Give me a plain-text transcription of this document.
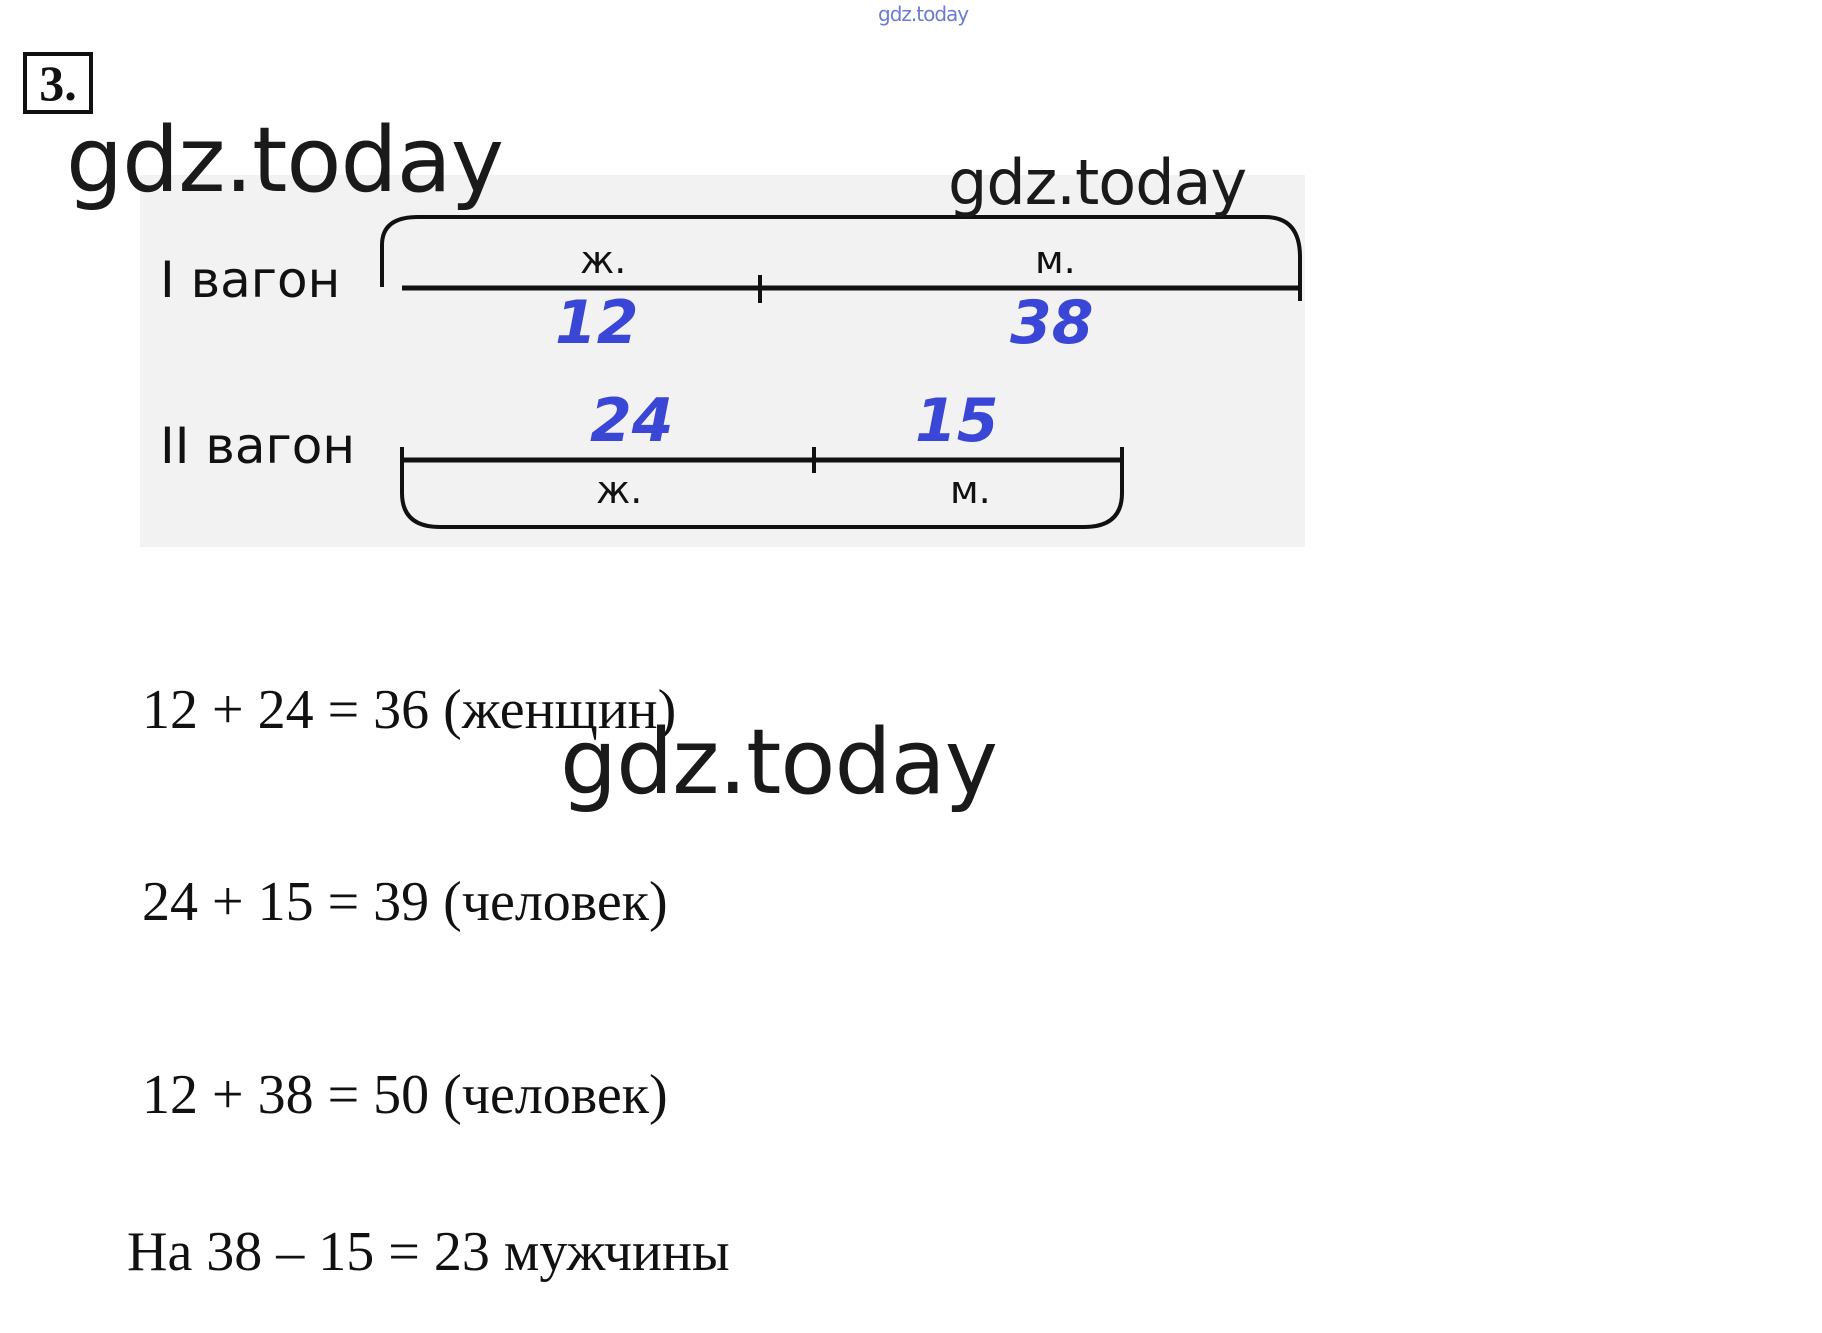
gdz.today
3.
I вагон	ж.	м.
12	38
II вагон
ж.	м.
24	15
gdz.today	gdz.today
12 + 24 = 36 (женщин)
gdz.today
24 + 15 = 39 (человек)
12 + 38 = 50 (человек)
На 38 – 15 = 23 мужчины
